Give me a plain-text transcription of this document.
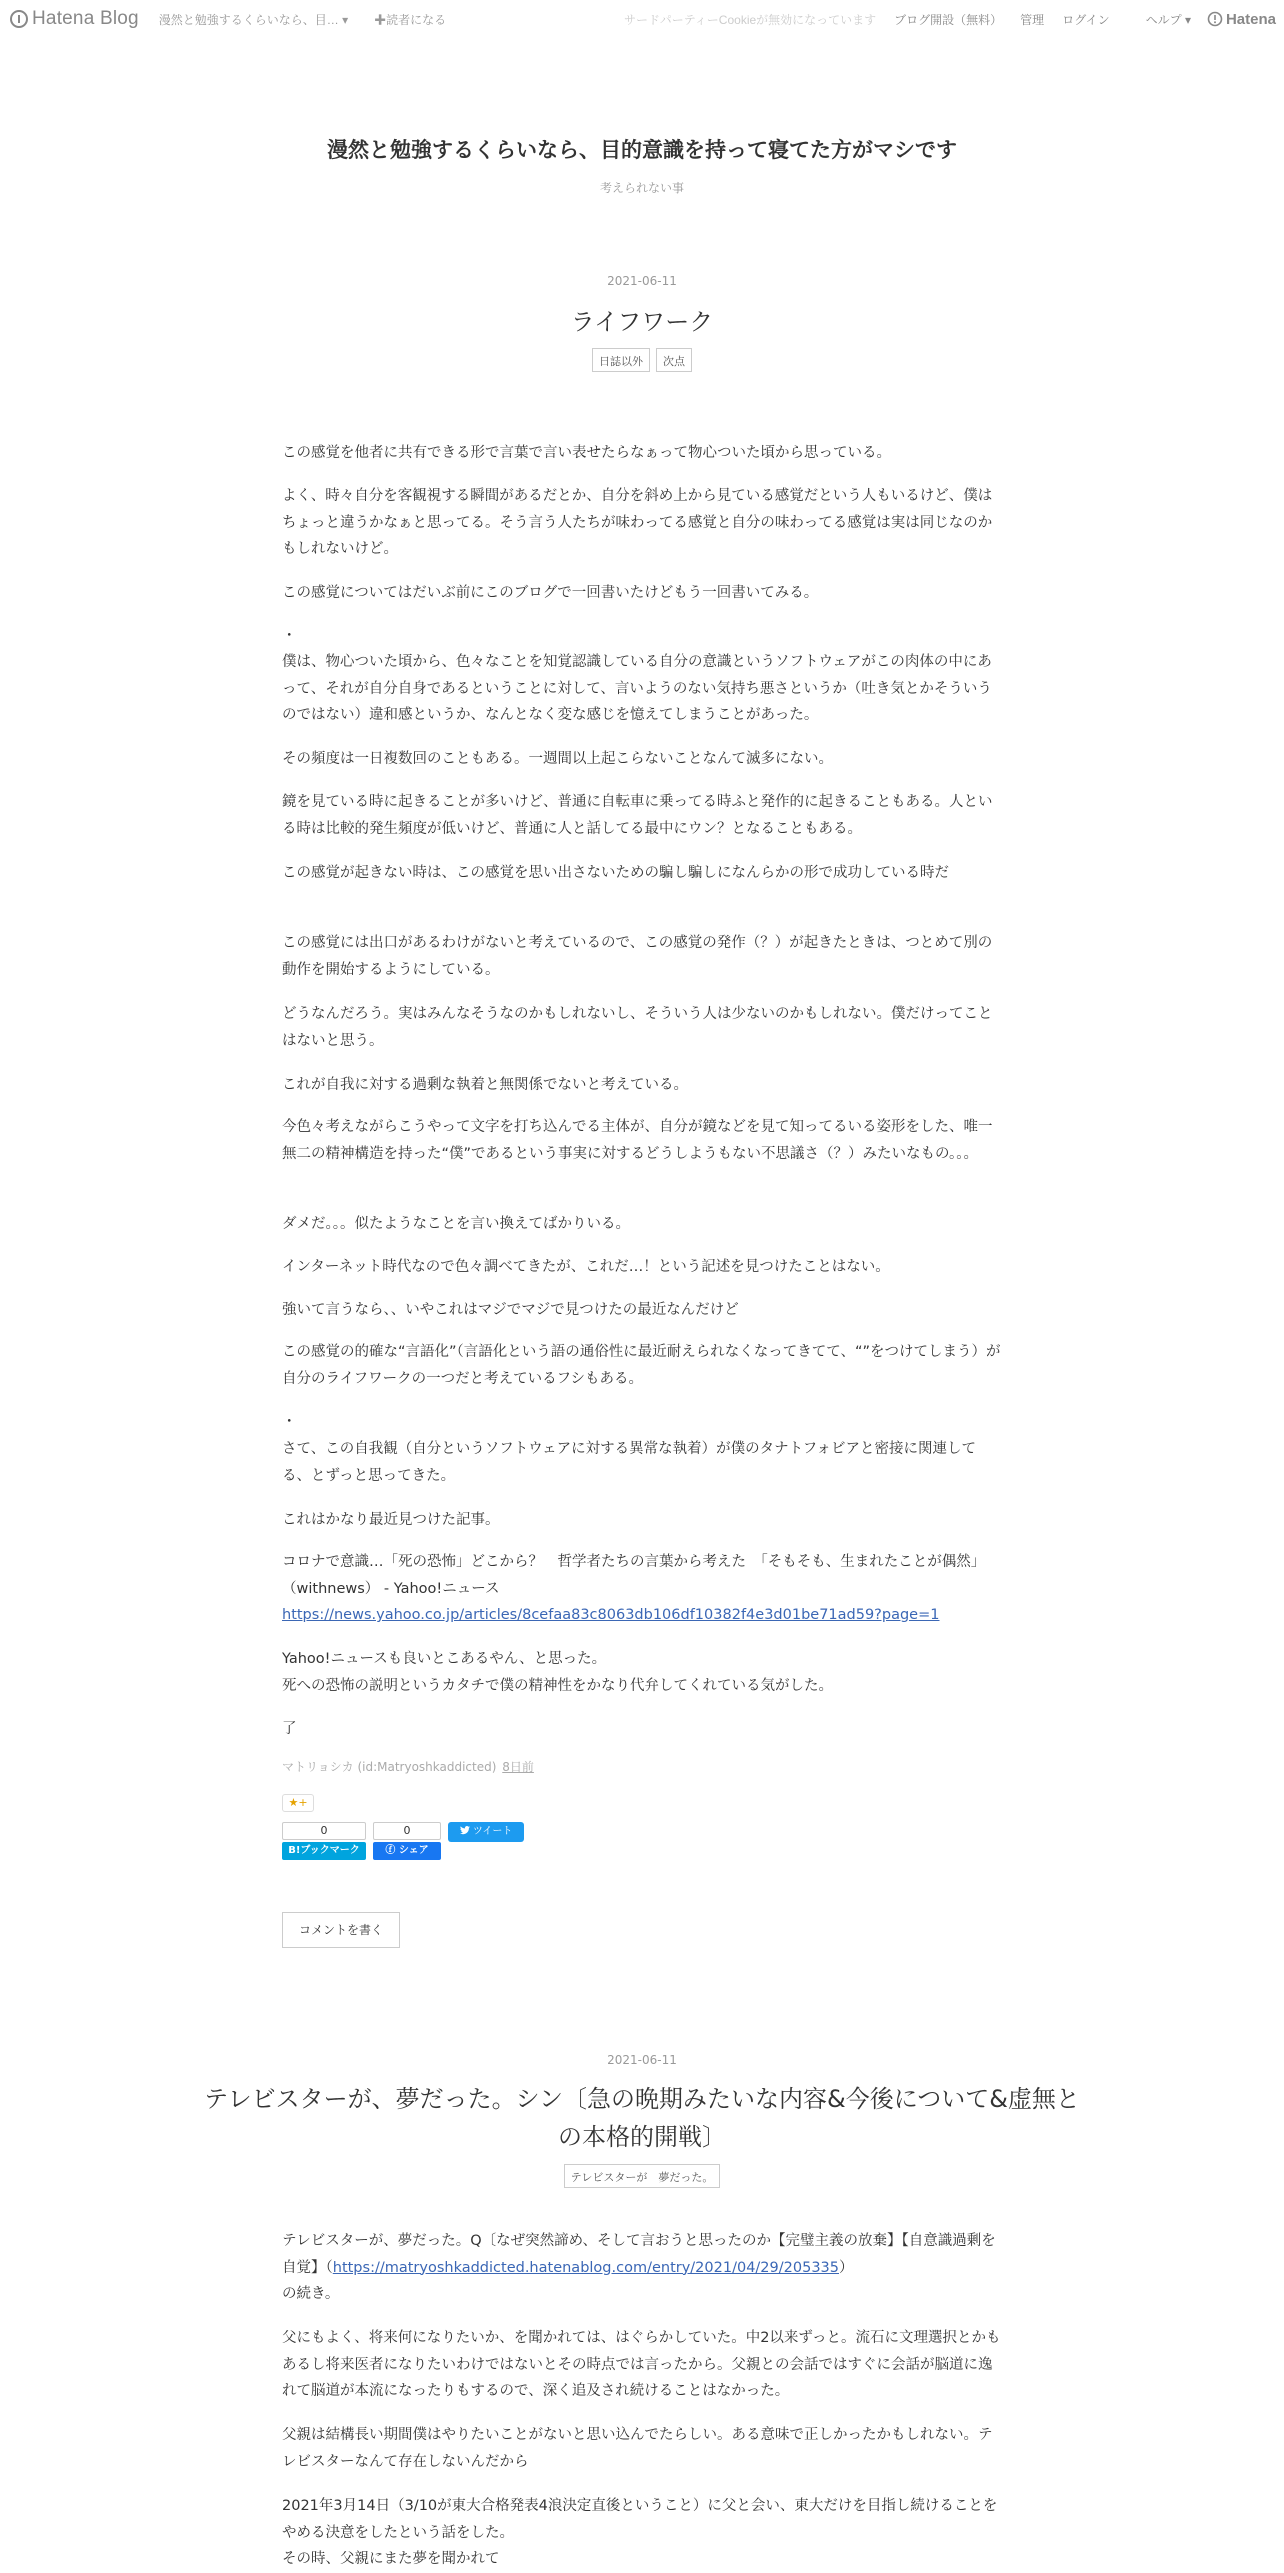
Hatena Blog 漫然と勉強するくらいなら、目… ▾ ✚読者になる	サードパーティーCookieが無効になっています ブログ開設（無料） 管理 ログイン	ヘルプ ▾ Hatena
漫然と勉強するくらいなら、目的意識を持って寝てた方がマシです
考えられない事
2021-06-11
ライフワーク
日誌以外	次点

この感覚を他者に共有できる形で言葉で言い表せたらなぁって物心ついた頃から思っている。

よく、時々自分を客観視する瞬間があるだとか、自分を斜め上から見ている感覚だという人もいるけど、僕はちょっと違うかなぁと思ってる。そう言う人たちが味わってる感覚と自分の味わってる感覚は実は同じなのかもしれないけど。

この感覚についてはだいぶ前にこのブログで一回書いたけどもう一回書いてみる。

・

僕は、物心ついた頃から、色々なことを知覚認識している自分の意識というソフトウェアがこの肉体の中にあって、それが自分自身であるということに対して、言いようのない気持ち悪さというか（吐き気とかそういうのではない）違和感というか、なんとなく変な感じを憶えてしまうことがあった。

その頻度は一日複数回のこともある。一週間以上起こらないことなんて滅多にない。

鏡を見ている時に起きることが多いけど、普通に自転車に乗ってる時ふと発作的に起きることもある。人といる時は比較的発生頻度が低いけど、普通に人と話してる最中にウン？となることもある。

この感覚が起きない時は、この感覚を思い出さないための騙し騙しになんらかの形で成功している時だ

この感覚には出口があるわけがないと考えているので、この感覚の発作（？）が起きたときは、つとめて別の動作を開始するようにしている。

どうなんだろう。実はみんなそうなのかもしれないし、そういう人は少ないのかもしれない。僕だけってことはないと思う。

これが自我に対する過剰な執着と無関係でないと考えている。

今色々考えながらこうやって文字を打ち込んでる主体が、自分が鏡などを見て知ってるいる姿形をした、唯一無二の精神構造を持った“僕”であるという事実に対するどうしようもない不思議さ（？）みたいなもの。。。

ダメだ。。。似たようなことを言い換えてばかりいる。

インターネット時代なので色々調べてきたが、これだ…！という記述を見つけたことはない。

強いて言うなら、、いやこれはマジでマジで見つけたの最近なんだけど

この感覚の的確な“言語化”（言語化という語の通俗性に最近耐えられなくなってきてて、“”をつけてしまう）が自分のライフワークの一つだと考えているフシもある。

・

さて、この自我観（自分というソフトウェアに対する異常な執着）が僕のタナトフォビアと密接に関連してる、とずっと思ってきた。

これはかなり最近見つけた記事。

コロナで意識…「死の恐怖」どこから？　哲学者たちの言葉から考えた　「そもそも、生まれたことが偶然」（withnews） - Yahoo!ニュース
https://news.yahoo.co.jp/articles/8cefaa83c8063db106df10382f4e3d01be71ad59?page=1

Yahoo!ニュースも良いとこあるやん、と思った。
死への恐怖の説明というカタチで僕の精神性をかなり代弁してくれている気がした。

了

マトリョシカ (id:Matryoshkaddicted) 8日前
★+
0
B!ブックマーク
0
ⓕ シェア
ツイート
コメントを書く
2021-06-11
テレビスターが、夢だった。シン〔急の晩期みたいな内容&今後について&虚無と
の本格的開戦〕
テレビスターが　夢だった。

テレビスターが、夢だった。Q〔なぜ突然諦め、そして言おうと思ったのか【完璧主義の放棄】【自意識過剰を自覚】（https://matryoshkaddicted.hatenablog.com/entry/2021/04/29/205335）
の続き。

父にもよく、将来何になりたいか、を聞かれては、はぐらかしていた。中2以来ずっと。流石に文理選択とかもあるし将来医者になりたいわけではないとその時点では言ったから。父親との会話ではすぐに会話が脳道に逸れて脳道が本流になったりもするので、深く追及され続けることはなかった。

父親は結構長い期間僕はやりたいことがないと思い込んでたらしい。ある意味で正しかったかもしれない。テレビスターなんて存在しないんだから

2021年3月14日（3/10が東大合格発表4浪決定直後ということ）に父と会い、東大だけを目指し続けることをやめる決意をしたという話をした。
その時、父親にまた夢を聞かれて
